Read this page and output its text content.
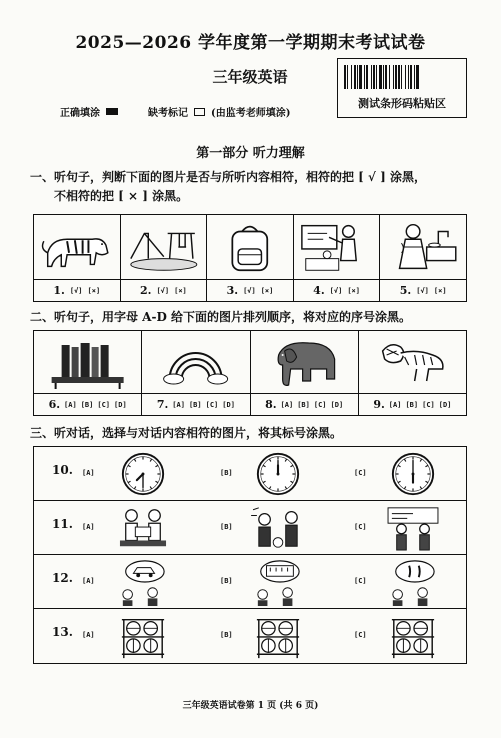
2025—2026 学年度第一学期期末考试试卷
三年级英语
测试条形码粘贴区
正确填涂	缺考标记 (由监考老师填涂)
第一部分 听力理解
一、听句子，判断下面的图片是否与所听内容相符，相符的把 [ √ ] 涂黑，
不相符的把 [ × ] 涂黑。
1. [√] [×]	2. [√] [×]	3. [√] [×]	4. [√] [×]	5. [√] [×]
二、听句子，用字母 A-D 给下面的图片排列顺序，将对应的序号涂黑。
6. [A] [B] [C] [D]	7. [A] [B] [C] [D]	8. [A] [B] [C] [D]	9. [A] [B] [C] [D]
三、听对话，选择与对话内容相符的图片，将其标号涂黑。
10. [A]	[B]	[C]
11. [A]	[B]	[C]
12. [A]	[B]	[C]
13. [A]	[B]	[C]
三年级英语试卷第 1 页 (共 6 页)
